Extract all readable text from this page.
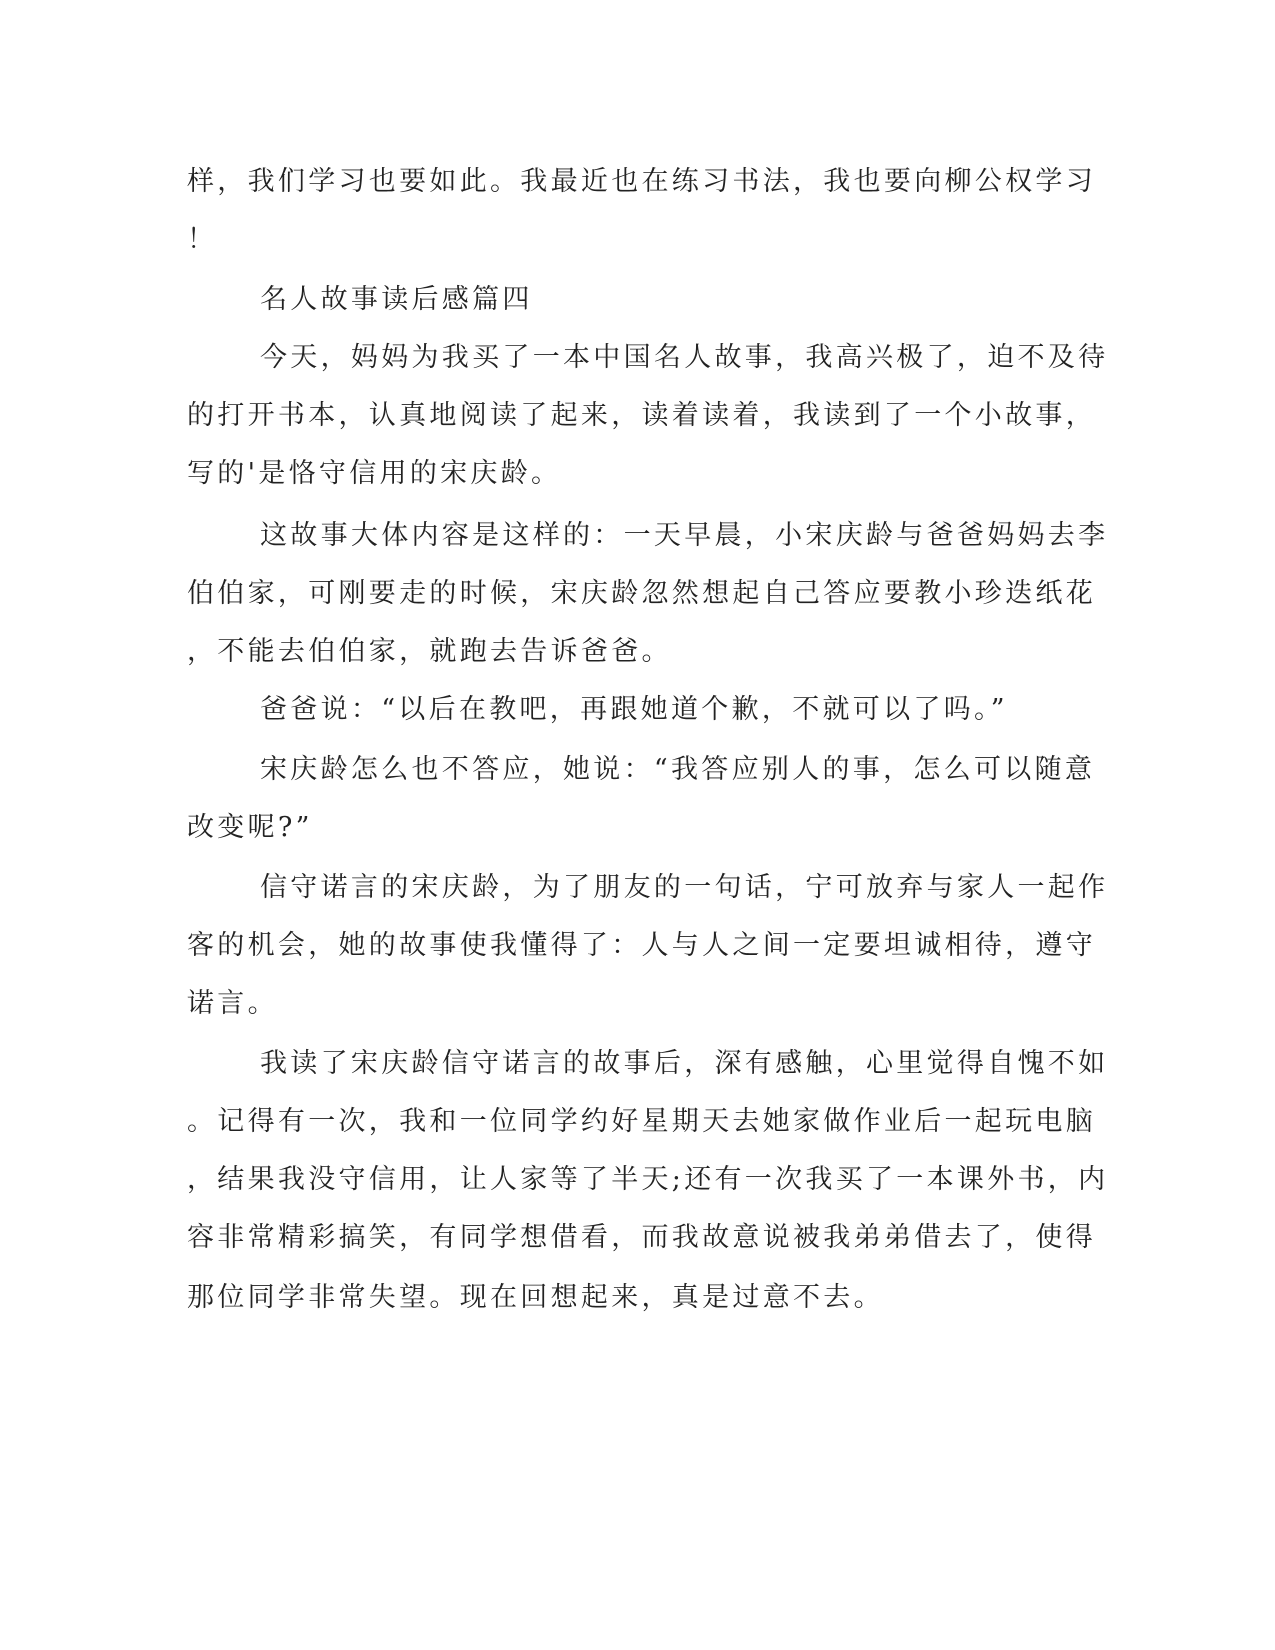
样，我们学习也要如此。我最近也在练习书法，我也要向柳公权学习
！
名人故事读后感篇四
今天，妈妈为我买了一本中国名人故事，我高兴极了，迫不及待
的打开书本，认真地阅读了起来，读着读着，我读到了一个小故事，
写的'是恪守信用的宋庆龄。
这故事大体内容是这样的：一天早晨，小宋庆龄与爸爸妈妈去李
伯伯家，可刚要走的时候，宋庆龄忽然想起自己答应要教小珍迭纸花
，不能去伯伯家，就跑去告诉爸爸。
爸爸说：“以后在教吧，再跟她道个歉，不就可以了吗。”
宋庆龄怎么也不答应，她说：“我答应别人的事，怎么可以随意
改变呢?”
信守诺言的宋庆龄，为了朋友的一句话，宁可放弃与家人一起作
客的机会，她的故事使我懂得了：人与人之间一定要坦诚相待，遵守
诺言。
我读了宋庆龄信守诺言的故事后，深有感触，心里觉得自愧不如
。记得有一次，我和一位同学约好星期天去她家做作业后一起玩电脑
，结果我没守信用，让人家等了半天;还有一次我买了一本课外书，内
容非常精彩搞笑，有同学想借看，而我故意说被我弟弟借去了，使得
那位同学非常失望。现在回想起来，真是过意不去。
